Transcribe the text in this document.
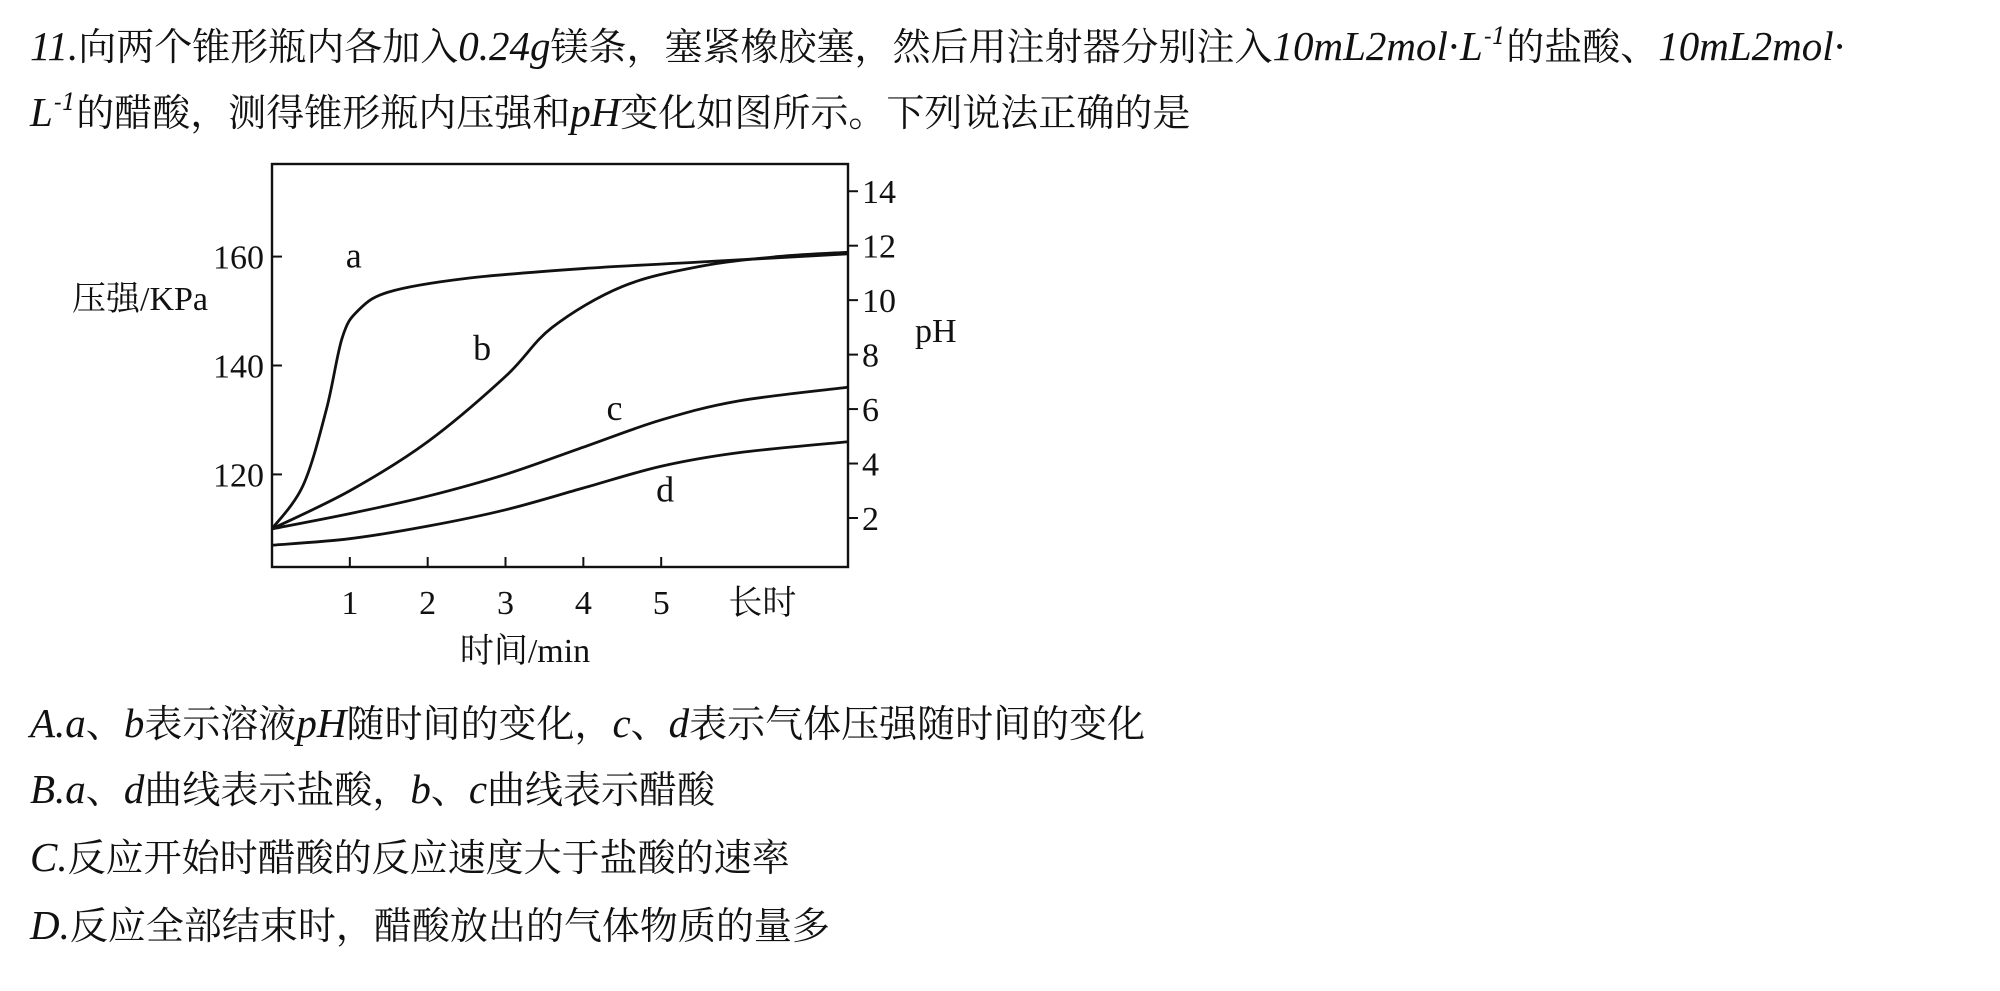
11.向两个锥形瓶内各加入0.24g镁条，塞紧橡胶塞，然后用注射器分别注入$10mL2mol\cdot L^{-1}$的盐酸、10mL2mol·
$L^{-1}$的醋酸，测得锥形瓶内压强和pH变化如图所示。下列说法正确的是
120
140
160
2
4
6
8
10
12
14
1 2 3 4 5 长时
a
b
c
d
压强/KPa
pH
时间/min
A.a、b表示溶液pH随时间的变化，c、d表示气体压强随时间的变化
B.a、d曲线表示盐酸，b、c曲线表示醋酸
C.反应开始时醋酸的反应速度大于盐酸的速率
D.反应全部结束时，醋酸放出的气体物质的量多
